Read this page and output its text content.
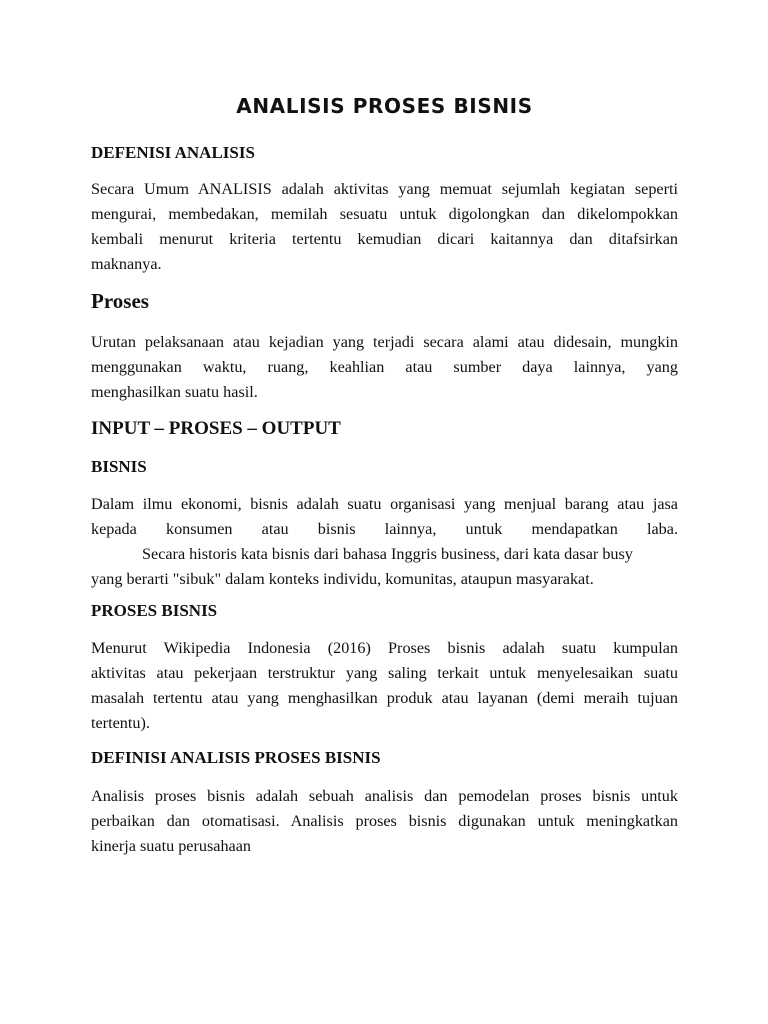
ANALISIS PROSES BISNIS
DEFENISI ANALISIS

Secara Umum ANALISIS adalah aktivitas yang memuat sejumlah kegiatan seperti
mengurai, membedakan, memilah sesuatu untuk digolongkan dan dikelompokkan
kembali menurut kriteria tertentu kemudian dicari kaitannya dan ditafsirkan
maknanya.

Proses

Urutan pelaksanaan atau kejadian yang terjadi secara alami atau didesain, mungkin
menggunakan waktu, ruang, keahlian atau sumber daya lainnya, yang
menghasilkan suatu hasil.

INPUT – PROSES – OUTPUT
BISNIS

Dalam ilmu ekonomi, bisnis adalah suatu organisasi yang menjual barang atau jasa
kepada konsumen atau bisnis lainnya, untuk mendapatkan laba.
Secara historis kata bisnis dari bahasa Inggris business, dari kata dasar busy
yang berarti "sibuk" dalam konteks individu, komunitas, ataupun masyarakat.

PROSES BISNIS

Menurut Wikipedia Indonesia (2016) Proses bisnis adalah suatu kumpulan
aktivitas atau pekerjaan terstruktur yang saling terkait untuk menyelesaikan suatu
masalah tertentu atau yang menghasilkan produk atau layanan (demi meraih tujuan
tertentu).

DEFINISI ANALISIS PROSES BISNIS

Analisis proses bisnis adalah sebuah analisis dan pemodelan proses bisnis untuk
perbaikan dan otomatisasi. Analisis proses bisnis digunakan untuk meningkatkan
kinerja suatu perusahaan
